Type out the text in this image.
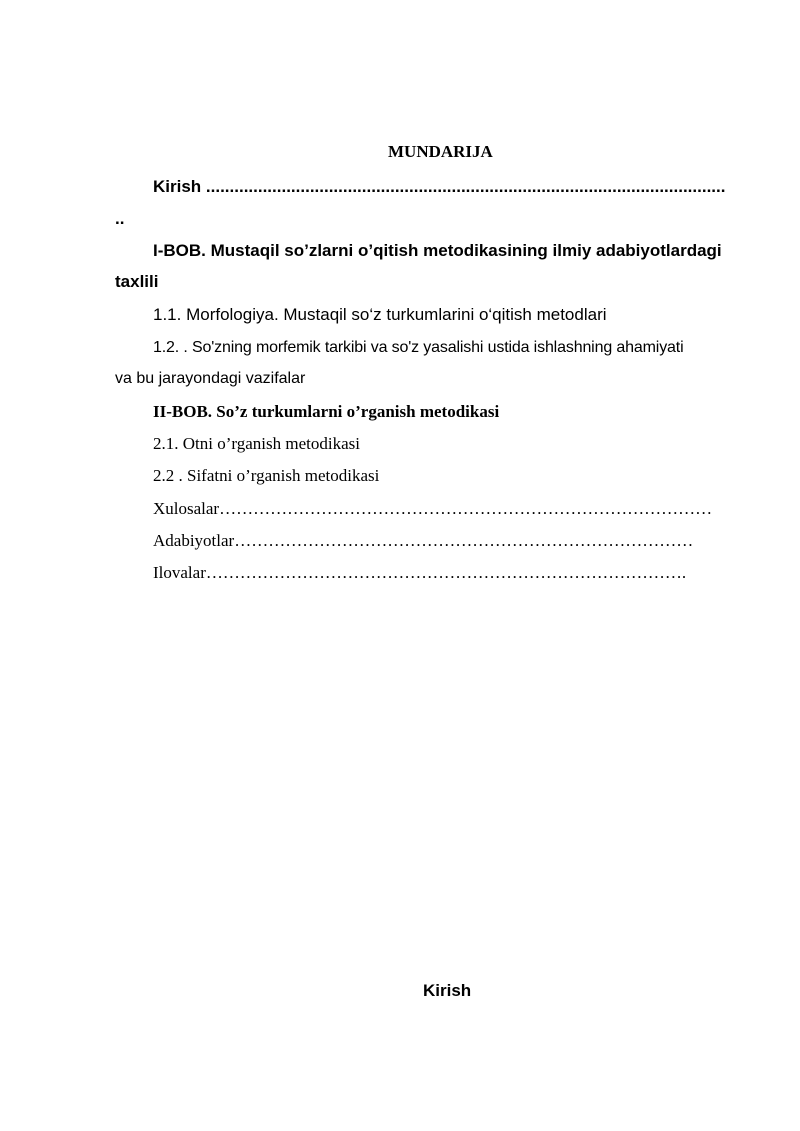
MUNDARIJA
Kirish ..............................................................................................................
..
I-BOB. Mustaqil so’zlarni o’qitish metodikasining ilmiy adabiyotlardagi
taxlili
1.1. Morfologiya. Mustaqil so‘z turkumlarini o‘qitish metodlari
1.2. . So'zning morfemik tarkibi va so'z yasalishi ustida ishlashning ahamiyati
va bu jarayondagi vazifalar
II-BOB. So’z turkumlarni o’rganish metodikasi
2.1. Otni o’rganish metodikasi
2.2 . Sifatni o’rganish metodikasi
Xulosalar……………………………………………………………………………
Adabiyotlar………………………………………………………………………
Ilovalar………………………………………………………………………….
Kirish
